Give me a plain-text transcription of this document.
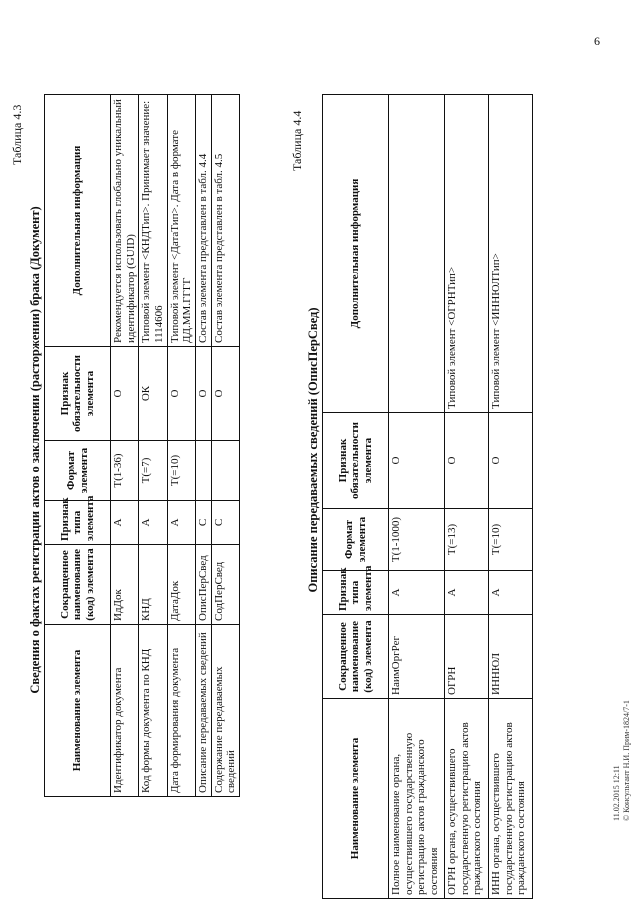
6
Таблица 4.3
Сведения о фактах регистрации актов о заключении (расторжении) брака (Документ)
Наименование элемента	Сокращенное наименование (код) элемента	Признак типа элемента	Формат элемента	Признак обязательности элемента	Дополнительная информация
Идентификатор документа	ИдДок	А	T(1-36)	О	Рекомендуется использовать глобально уникальный идентификатор (GUID)
Код формы документа по КНД	КНД	А	T(=7)	ОК	Типовой элемент <КНДТип>. Принимает значение: 1114606
Дата формирования документа	ДатаДок	А	T(=10)	О	Типовой элемент <ДатаТип>. Дата в формате ДД.ММ.ГГГГ
Описание передаваемых сведений	ОписПерСвед	С		О	Состав элемента представлен в табл. 4.4
Содержание передаваемых сведений	СодПерСвед	С		О	Состав элемента представлен в табл. 4.5
Таблица 4.4
Описание передаваемых сведений (ОписПерСвед)
Наименование элемента	Сокращенное наименование (код) элемента	Признак типа элемента	Формат элемента	Признак обязательности элемента	Дополнительная информация
Полное наименование органа, осуществившего государственную регистрацию актов гражданского состояния	НаимОргРег	А	T(1-1000)	О	
ОГРН органа, осуществившего государственную регистрацию актов гражданского состояния	ОГРН	А	T(=13)	О	Типовой элемент <ОГРНТип>
ИНН органа, осуществившего государственную регистрацию актов гражданского состояния	ИННЮЛ	А	T(=10)	О	Типовой элемент <ИННЮЛТип>
11.02.2015 12:11 © Консультант Н.И. Прим-1824/7-1
